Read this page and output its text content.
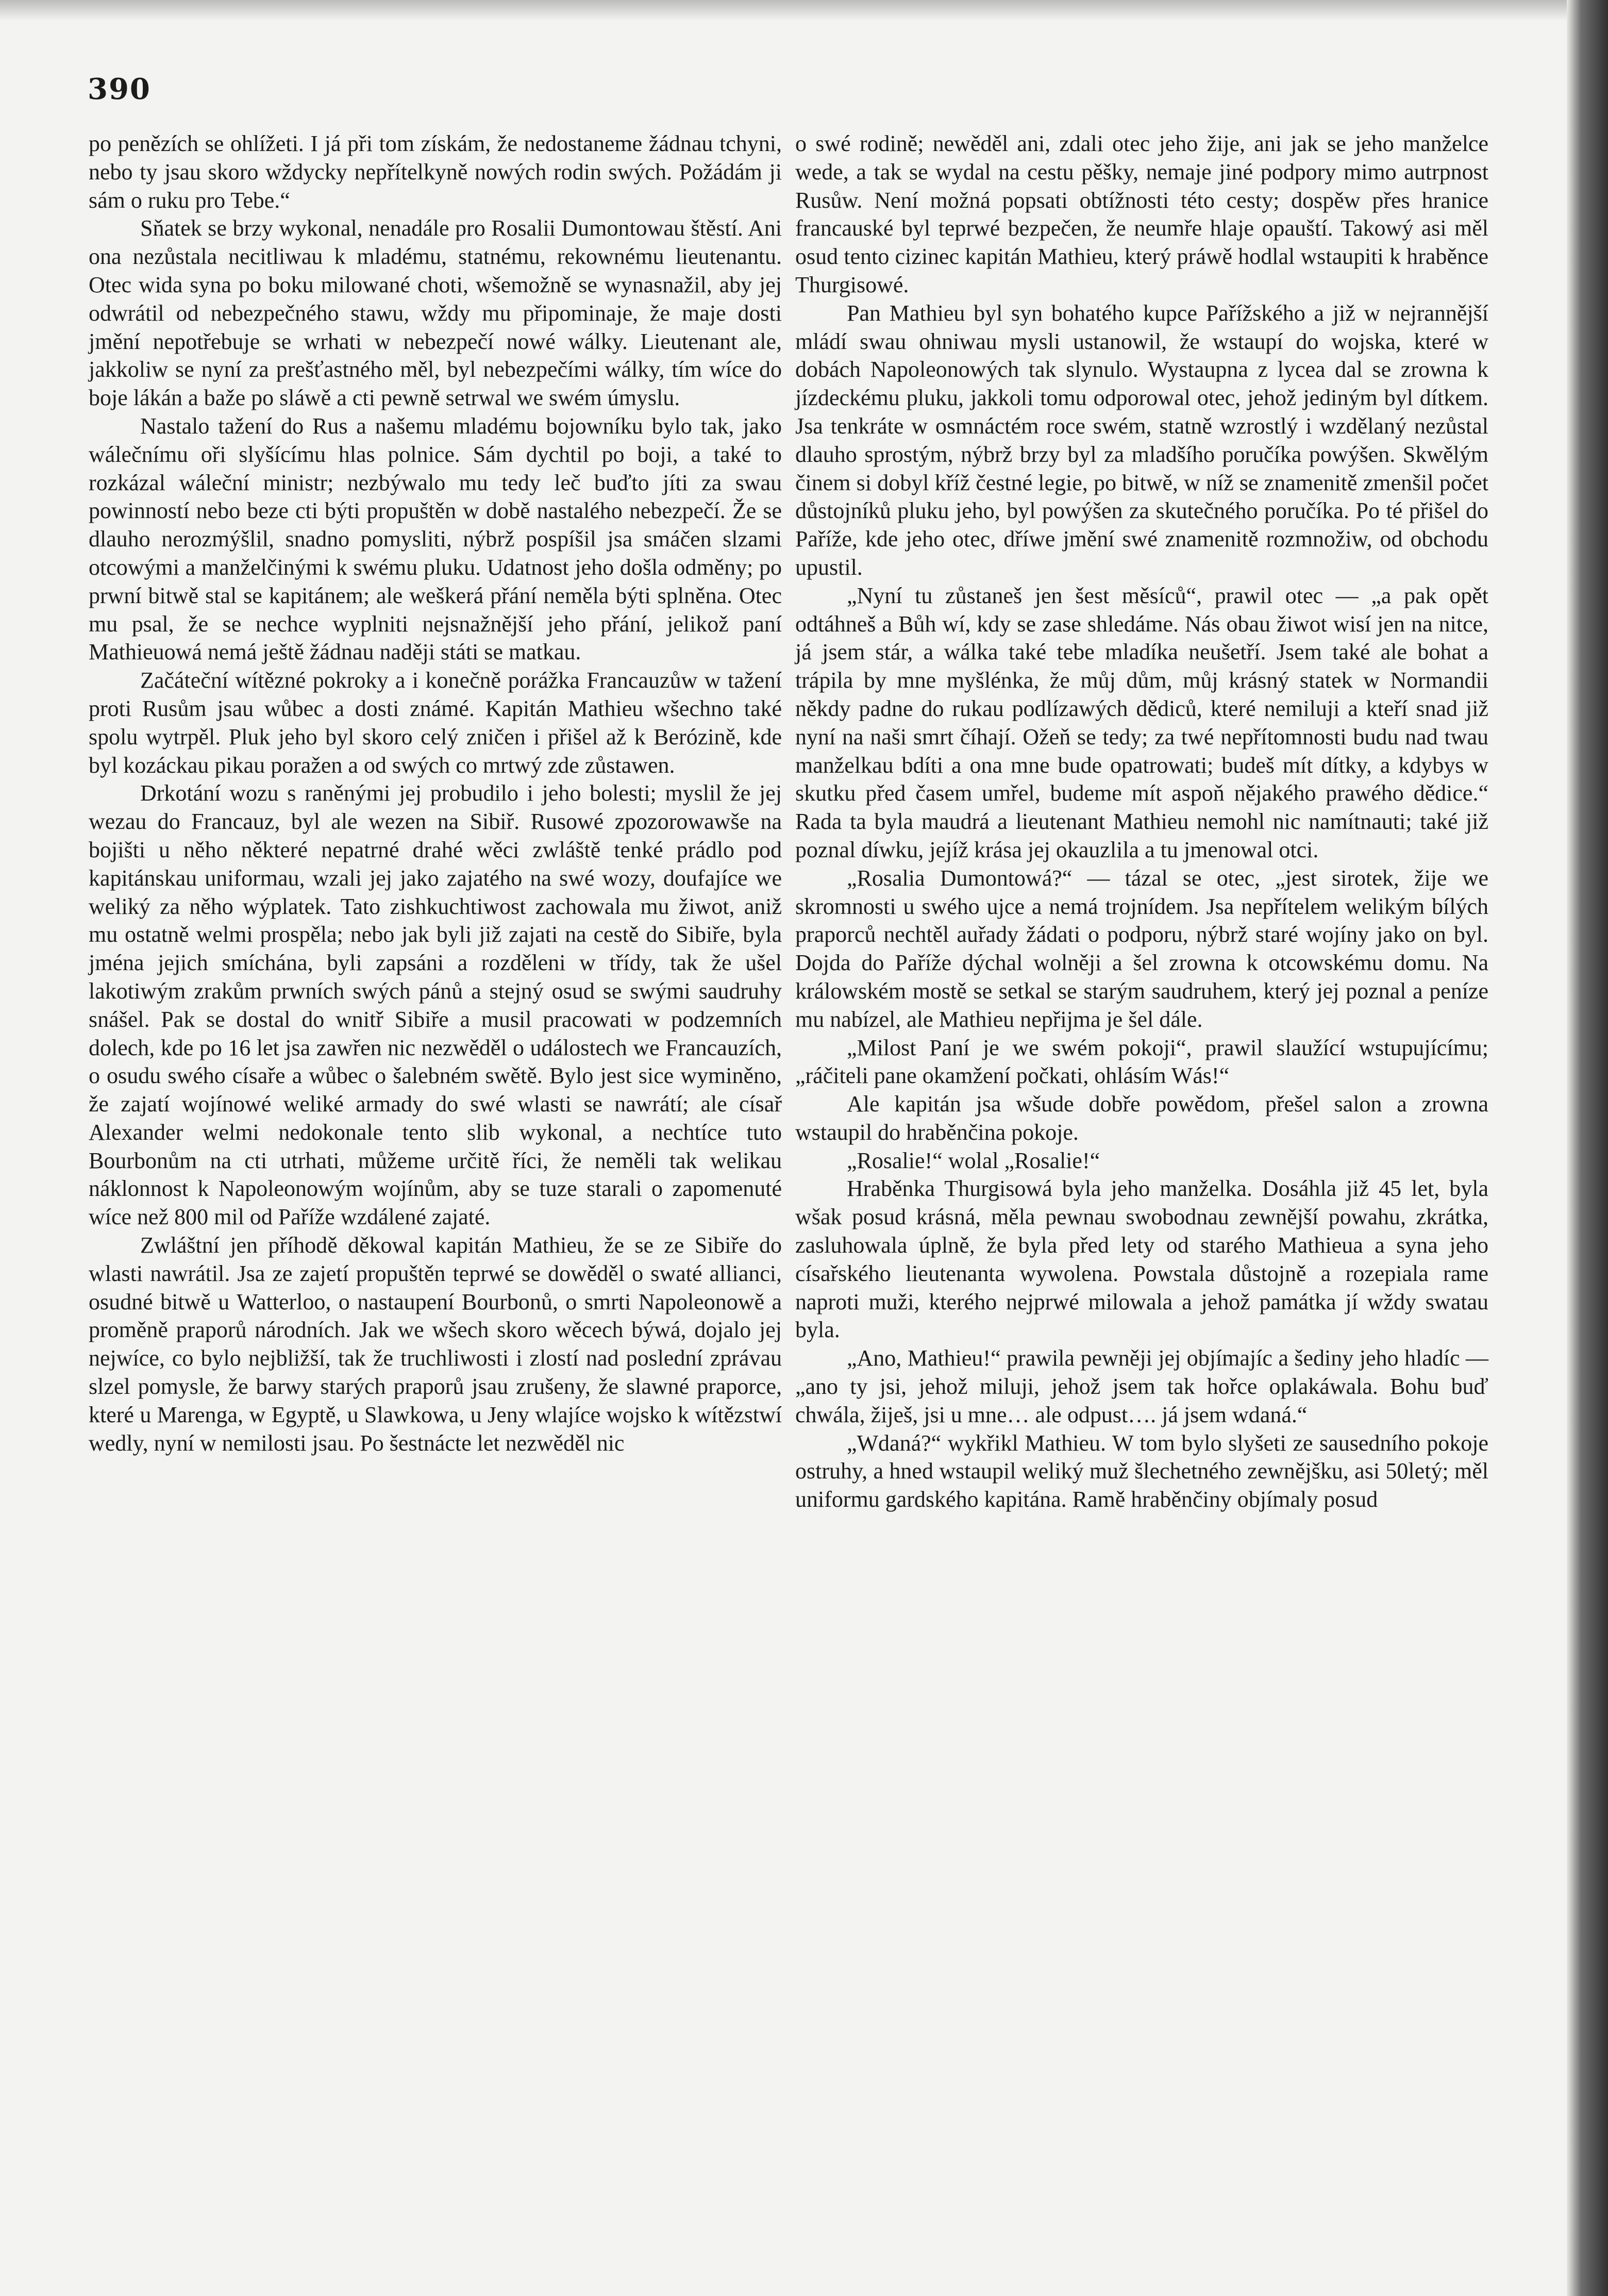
390

po penězích se ohlížeti. I já při tom získám, že nedostaneme žádnau tchyni, nebo ty jsau skoro wždycky nepřítelkyně nowých rodin swých. Požádám ji sám o ruku pro Tebe.“

Sňatek se brzy wykonal, nenadále pro Rosalii Dumontowau štěstí. Ani ona nezůstala necitliwau k mladému, statnému, rekownému lieutenantu. Otec wida syna po boku milowané choti, wšemožně se wynasnažil, aby jej odwrátil od nebezpečného stawu, wždy mu připominaje, že maje dosti jmění nepotřebuje se wrhati w nebezpečí nowé wálky. Lieutenant ale, jakkoliw se nyní za prešťastného měl, byl nebezpečími wálky, tím wíce do boje lákán a baže po sláwě a cti pewně setrwal we swém úmyslu.

Nastalo tažení do Rus a našemu mladému bojowníku bylo tak, jako wálečnímu oři slyšícímu hlas polnice. Sám dychtil po boji, a také to rozkázal wáleční ministr; nezbýwalo mu tedy leč buďto jíti za swau powinností nebo beze cti býti propuštěn w době nastalého nebezpečí. Že se dlauho nerozmýšlil, snadno pomysliti, nýbrž pospíšil jsa smáčen slzami otcowými a manželčinými k swému pluku. Udatnost jeho došla odměny; po prwní bitwě stal se kapitánem; ale weškerá přání neměla býti splněna. Otec mu psal, že se nechce wyplniti nejsnažnější jeho přání, jelikož paní Mathieuowá nemá ještě žádnau naději státi se matkau.

Začáteční wítězné pokroky a i konečně porážka Francauzůw w tažení proti Rusům jsau wůbec a dosti známé. Kapitán Mathieu wšechno také spolu wytrpěl. Pluk jeho byl skoro celý zničen i přišel až k Berózině, kde byl kozáckau pikau poražen a od swých co mrtwý zde zůstawen.

Drkotání wozu s raněnými jej probudilo i jeho bolesti; myslil že jej wezau do Francauz, byl ale wezen na Sibiř. Rusowé zpozorowawše na bojišti u něho některé nepatrné drahé wěci zwláště tenké prádlo pod kapitánskau uniformau, wzali jej jako zajatého na swé wozy, doufajíce we weliký za něho wýplatek. Tato zishkuchtiwost zachowala mu žiwot, aniž mu ostatně welmi prospěla; nebo jak byli již zajati na cestě do Sibiře, byla jména jejich smíchána, byli zapsáni a rozděleni w třídy, tak že ušel lakotiwým zrakům prwních swých pánů a stejný osud se swými saudruhy snášel. Pak se dostal do wnitř Sibiře a musil pracowati w podzemních dolech, kde po 16 let jsa zawřen nic nezwěděl o událostech we Francauzích, o osudu swého císaře a wůbec o šalebném swětě. Bylo jest sice wyminěno, že zajatí wojínowé weliké armady do swé wlasti se nawrátí; ale císař Alexander welmi nedokonale tento slib wykonal, a nechtíce tuto Bourbonům na cti utrhati, můžeme určitě říci, že neměli tak welikau náklonnost k Napoleonowým wojínům, aby se tuze starali o zapomenuté wíce než 800 mil od Paříže wzdálené zajaté.

Zwláštní jen příhodě děkowal kapitán Mathieu, že se ze Sibiře do wlasti nawrátil. Jsa ze zajetí propuštěn teprwé se dowěděl o swaté allianci, osudné bitwě u Watterloo, o nastaupení Bourbonů, o smrti Napoleonowě a proměně praporů národních. Jak we wšech skoro wěcech býwá, dojalo jej nejwíce, co bylo nejbližší, tak že truchliwosti i zlostí nad poslední zprávau slzel pomysle, že barwy starých praporů jsau zrušeny, že slawné praporce, které u Marenga, w Egyptě, u Slawkowa, u Jeny wlajíce wojsko k wítězstwí wedly, nyní w nemilosti jsau. Po šestnácte let nezwěděl nic

o swé rodině; newěděl ani, zdali otec jeho žije, ani jak se jeho manželce wede, a tak se wydal na cestu pěšky, nemaje jiné podpory mimo autrpnost Rusůw. Není možná popsati obtížnosti této cesty; dospěw přes hranice francauské byl teprwé bezpečen, že neumře hlaje opauští. Takowý asi měl osud tento cizinec kapitán Mathieu, který práwě hodlal wstaupiti k hraběnce Thurgisowé.

Pan Mathieu byl syn bohatého kupce Pařížského a již w nejrannější mládí swau ohniwau mysli ustanowil, že wstaupí do wojska, které w dobách Napoleonowých tak slynulo. Wystaupna z lycea dal se zrowna k jízdeckému pluku, jakkoli tomu odporowal otec, jehož jediným byl dítkem. Jsa tenkráte w osmnáctém roce swém, statně wzrostlý i wzdělaný nezůstal dlauho sprostým, nýbrž brzy byl za mladšího poručíka powýšen. Skwělým činem si dobyl kříž čestné legie, po bitwě, w níž se znamenitě zmenšil počet důstojníků pluku jeho, byl powýšen za skutečného poručíka. Po té přišel do Paříže, kde jeho otec, dříwe jmění swé znamenitě rozmnožiw, od obchodu upustil.

„Nyní tu zůstaneš jen šest měsíců“, prawil otec — „a pak opět odtáhneš a Bůh wí, kdy se zase shledáme. Nás obau žiwot wisí jen na nitce, já jsem stár, a wálka také tebe mladíka neušetří. Jsem také ale bohat a trápila by mne myšlénka, že můj dům, můj krásný statek w Normandii někdy padne do rukau podlízawých dědiců, které nemiluji a kteří snad již nyní na naši smrt číhají. Ožeň se tedy; za twé nepřítomnosti budu nad twau manželkau bdíti a ona mne bude opatrowati; budeš mít dítky, a kdybys w skutku před časem umřel, budeme mít aspoň nějakého prawého dědice.“ Rada ta byla maudrá a lieutenant Mathieu nemohl nic namítnauti; také již poznal díwku, jejíž krása jej okauzlila a tu jmenowal otci.

„Rosalia Dumontowá?“ — tázal se otec, „jest sirotek, žije we skromnosti u swého ujce a nemá trojnídem. Jsa nepřítelem welikým bílých praporců nechtěl auřady žádati o podporu, nýbrž staré wojíny jako on byl. Dojda do Paříže dýchal wolněji a šel zrowna k otcowskému domu. Na králowském mostě se setkal se starým saudruhem, který jej poznal a peníze mu nabízel, ale Mathieu nepřijma je šel dále.

„Milost Paní je we swém pokoji“, prawil slaužící wstupujícímu; „ráčiteli pane okamžení počkati, ohlásím Wás!“

Ale kapitán jsa wšude dobře powědom, přešel salon a zrowna wstaupil do hraběnčina pokoje.

„Rosalie!“ wolal „Rosalie!“

Hraběnka Thurgisowá byla jeho manželka. Dosáhla již 45 let, byla wšak posud krásná, měla pewnau swobodnau zewnější powahu, zkrátka, zasluhowala úplně, že byla před lety od starého Mathieua a syna jeho císařského lieutenanta wywolena. Powstala důstojně a rozepiala rame naproti muži, kterého nejprwé milowala a jehož památka jí wždy swatau byla.

„Ano, Mathieu!“ prawila pewněji jej objímajíc a šediny jeho hladíc — „ano ty jsi, jehož miluji, jehož jsem tak hořce oplakáwala. Bohu buď chwála, žiješ, jsi u mne… ale odpust…. já jsem wdaná.“

„Wdaná?“ wykřikl Mathieu. W tom bylo slyšeti ze sausedního pokoje ostruhy, a hned wstaupil weliký muž šlechetného zewnějšku, asi 50letý; měl uniformu gardského kapitána. Ramě hraběnčiny objímaly posud
